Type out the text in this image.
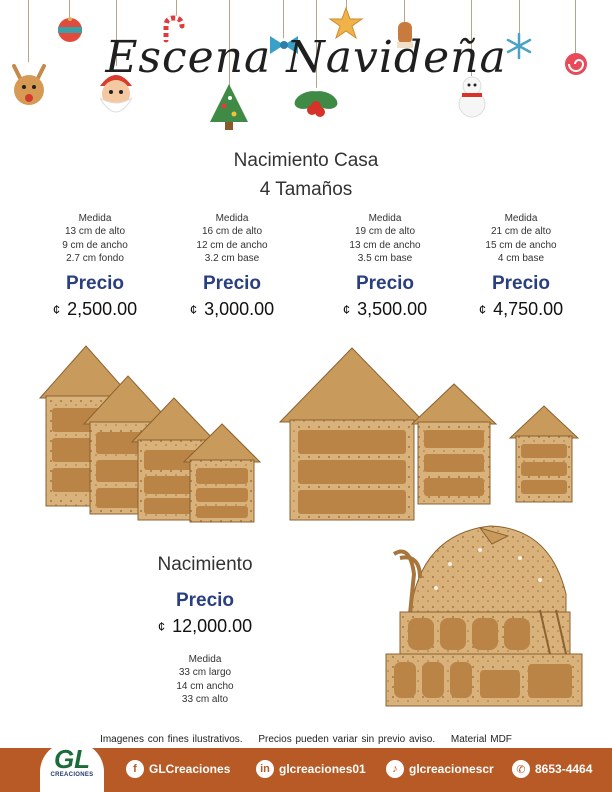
Escena Navideña
Nacimiento Casa
4 Tamaños
Medida
13 cm de alto
9 cm de ancho
2.7 cm fondo
Precio
¢ 2,500.00
Medida
16 cm de alto
12 cm de ancho
3.2 cm base
Precio
¢ 3,000.00
Medida
19 cm de alto
13 cm de ancho
3.5 cm base
Precio
¢ 3,500.00
Medida
21 cm de alto
15 cm de ancho
4 cm base
Precio
¢ 4,750.00
Nacimiento
Precio
¢ 12,000.00
Medida
33 cm largo
14 cm ancho
33 cm alto
Imagenes con fines ilustrativos. Precios pueden variar sin previo aviso. Material MDF
GL
CREACIONES	f	GLCreaciones	in glcreaciones01	♪ glcreacionescr	✆ 8653-4464
